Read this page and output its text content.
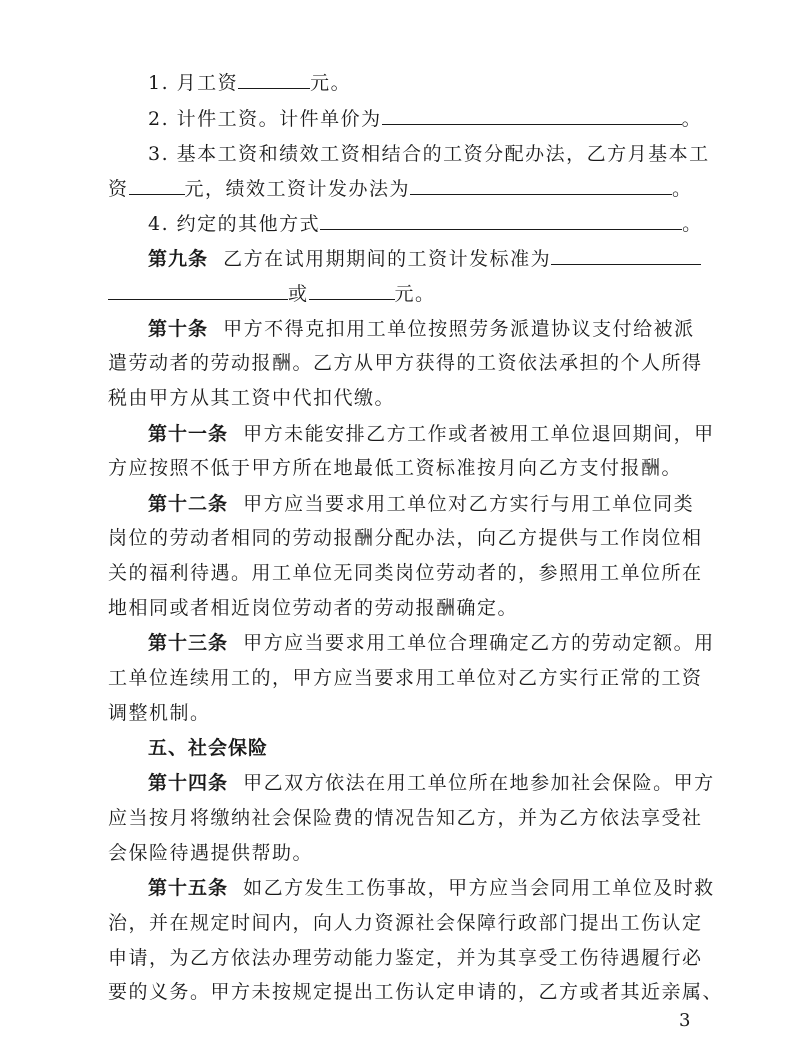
1. 月工资	元。
2. 计件工资。计件单价为	。
3. 基本工资和绩效工资相结合的工资分配办法，乙方月基本工
资	元，绩效工资计发办法为	。
4. 约定的其他方式	。
第九条 乙方在试用期期间的工资计发标准为
或	元。
第十条 甲方不得克扣用工单位按照劳务派遣协议支付给被派
遣劳动者的劳动报酬。乙方从甲方获得的工资依法承担的个人所得
税由甲方从其工资中代扣代缴。
第十一条 甲方未能安排乙方工作或者被用工单位退回期间，甲
方应按照不低于甲方所在地最低工资标准按月向乙方支付报酬。
第十二条 甲方应当要求用工单位对乙方实行与用工单位同类
岗位的劳动者相同的劳动报酬分配办法，向乙方提供与工作岗位相
关的福利待遇。用工单位无同类岗位劳动者的，参照用工单位所在
地相同或者相近岗位劳动者的劳动报酬确定。
第十三条 甲方应当要求用工单位合理确定乙方的劳动定额。用
工单位连续用工的，甲方应当要求用工单位对乙方实行正常的工资
调整机制。
五、社会保险
第十四条 甲乙双方依法在用工单位所在地参加社会保险。甲方
应当按月将缴纳社会保险费的情况告知乙方，并为乙方依法享受社
会保险待遇提供帮助。
第十五条 如乙方发生工伤事故，甲方应当会同用工单位及时救
治，并在规定时间内，向人力资源社会保障行政部门提出工伤认定
申请，为乙方依法办理劳动能力鉴定，并为其享受工伤待遇履行必
要的义务。甲方未按规定提出工伤认定申请的，乙方或者其近亲属、
3
